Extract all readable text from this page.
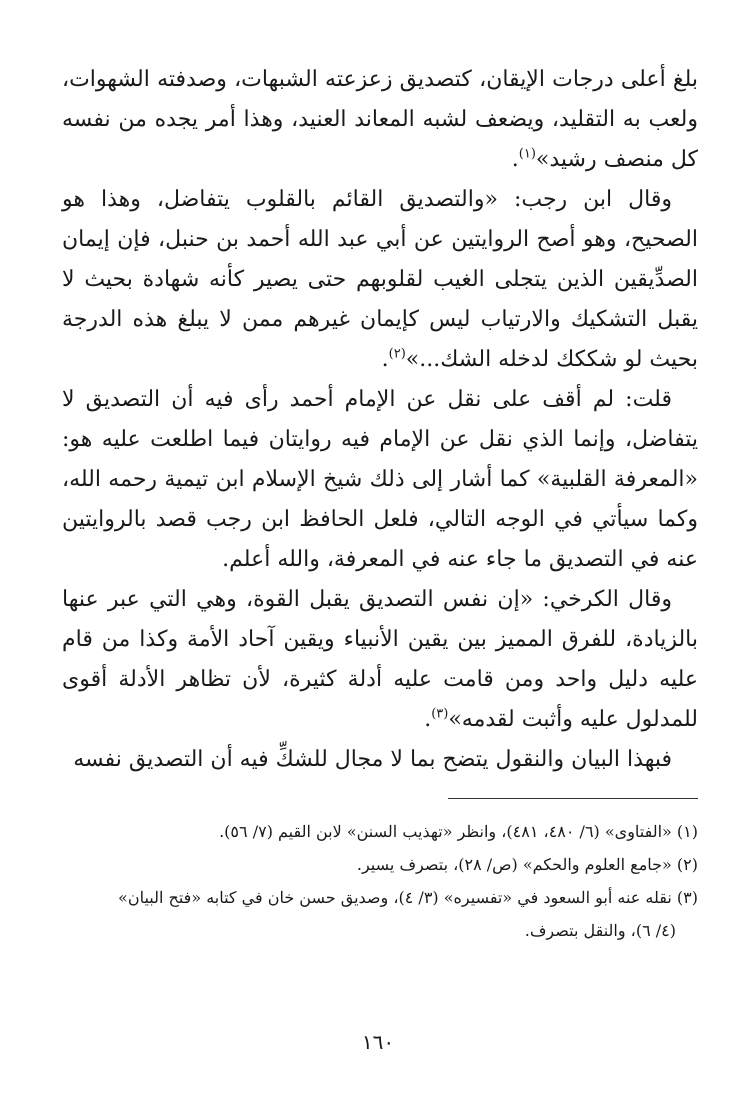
بلغ أعلى درجات الإيقان، كتصديق زعزعته الشبهات، وصدفته الشهوات، ولعب به التقليد، ويضعف لشبه المعاند العنيد، وهذا أمر يجده من نفسه كل منصف رشيد»$^{(١)}$.

وقال ابن رجب: «والتصديق القائم بالقلوب يتفاضل، وهذا هو الصحيح، وهو أصح الروايتين عن أبي عبد الله أحمد بن حنبل، فإن إيمان الصدِّيقين الذين يتجلى الغيب لقلوبهم حتى يصير كأنه شهادة بحيث لا يقبل التشكيك والارتياب ليس كإيمان غيرهم ممن لا يبلغ هذه الدرجة بحيث لو شككك لدخله الشك...»$^{(٢)}$.

قلت: لم أقف على نقل عن الإمام أحمد رأى فيه أن التصديق لا يتفاضل، وإنما الذي نقل عن الإمام فيه روايتان فيما اطلعت عليه هو: «المعرفة القلبية» كما أشار إلى ذلك شيخ الإسلام ابن تيمية رحمه الله، وكما سيأتي في الوجه التالي، فلعل الحافظ ابن رجب قصد بالروايتين عنه في التصديق ما جاء عنه في المعرفة، والله أعلم.

وقال الكرخي: «إن نفس التصديق يقبل القوة، وهي التي عبر عنها بالزيادة، للفرق المميز بين يقين الأنبياء ويقين آحاد الأمة وكذا من قام عليه دليل واحد ومن قامت عليه أدلة كثيرة، لأن تظاهر الأدلة أقوى للمدلول عليه وأثبت لقدمه»$^{(٣)}$.

فبهذا البيان والنقول يتضح بما لا مجال للشكِّ فيه أن التصديق نفسه

(١) «الفتاوى» (٦/ ٤٨٠، ٤٨١)، وانظر «تهذيب السنن» لابن القيم (٧/ ٥٦).
(٢) «جامع العلوم والحكم» (ص/ ٢٨)، بتصرف يسير.
(٣) نقله عنه أبو السعود في «تفسيره» (٣/ ٤)، وصديق حسن خان في كتابه «فتح البيان»
(٤/ ٦)، والنقل بتصرف.
١٦٠
